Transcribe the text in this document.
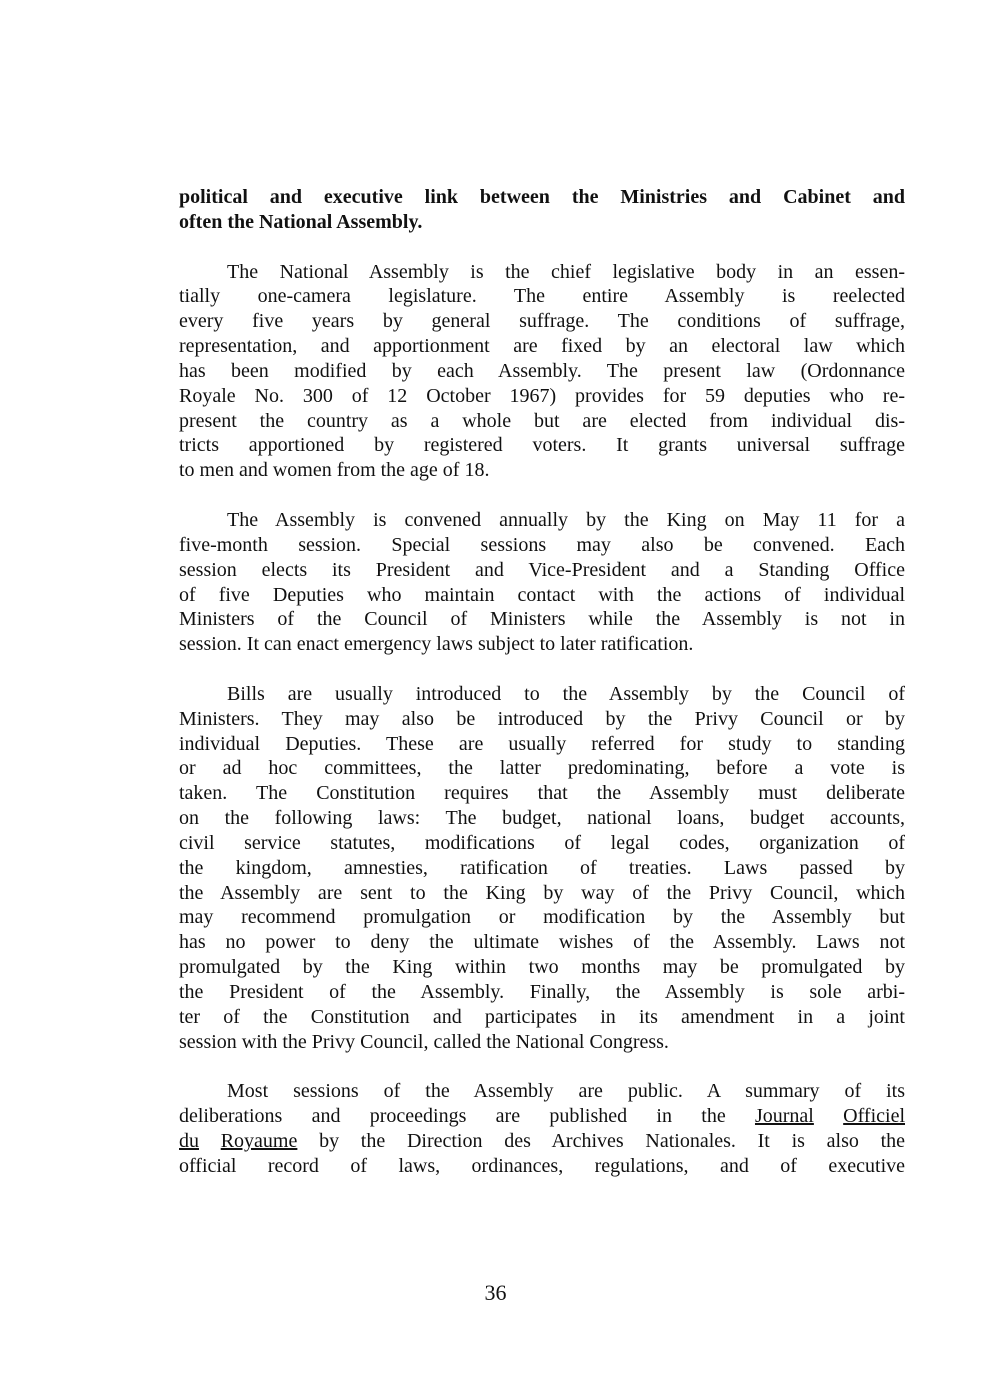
political and executive link between the Ministries and Cabinet and
often the National Assembly.
The National Assembly is the chief legislative body in an essen-
tially one-camera legislature. The entire Assembly is reelected
every five years by general suffrage. The conditions of suffrage,
representation, and apportionment are fixed by an electoral law which
has been modified by each Assembly. The present law (Ordonnance
Royale No. 300 of 12 October 1967) provides for 59 deputies who re-
present the country as a whole but are elected from individual dis-
tricts apportioned by registered voters. It grants universal suffrage
to men and women from the age of 18.
The Assembly is convened annually by the King on May 11 for a
five-month session. Special sessions may also be convened. Each
session elects its President and Vice-President and a Standing Office
of five Deputies who maintain contact with the actions of individual
Ministers of the Council of Ministers while the Assembly is not in
session. It can enact emergency laws subject to later ratification.
Bills are usually introduced to the Assembly by the Council of
Ministers. They may also be introduced by the Privy Council or by
individual Deputies. These are usually referred for study to standing
or ad hoc committees, the latter predominating, before a vote is
taken. The Constitution requires that the Assembly must deliberate
on the following laws: The budget, national loans, budget accounts,
civil service statutes, modifications of legal codes, organization of
the kingdom, amnesties, ratification of treaties. Laws passed by
the Assembly are sent to the King by way of the Privy Council, which
may recommend promulgation or modification by the Assembly but
has no power to deny the ultimate wishes of the Assembly. Laws not
promulgated by the King within two months may be promulgated by
the President of the Assembly. Finally, the Assembly is sole arbi-
ter of the Constitution and participates in its amendment in a joint
session with the Privy Council, called the National Congress.
Most sessions of the Assembly are public. A summary of its
deliberations and proceedings are published in the Journal Officiel
du Royaume by the Direction des Archives Nationales. It is also the
official record of laws, ordinances, regulations, and of executive
36
